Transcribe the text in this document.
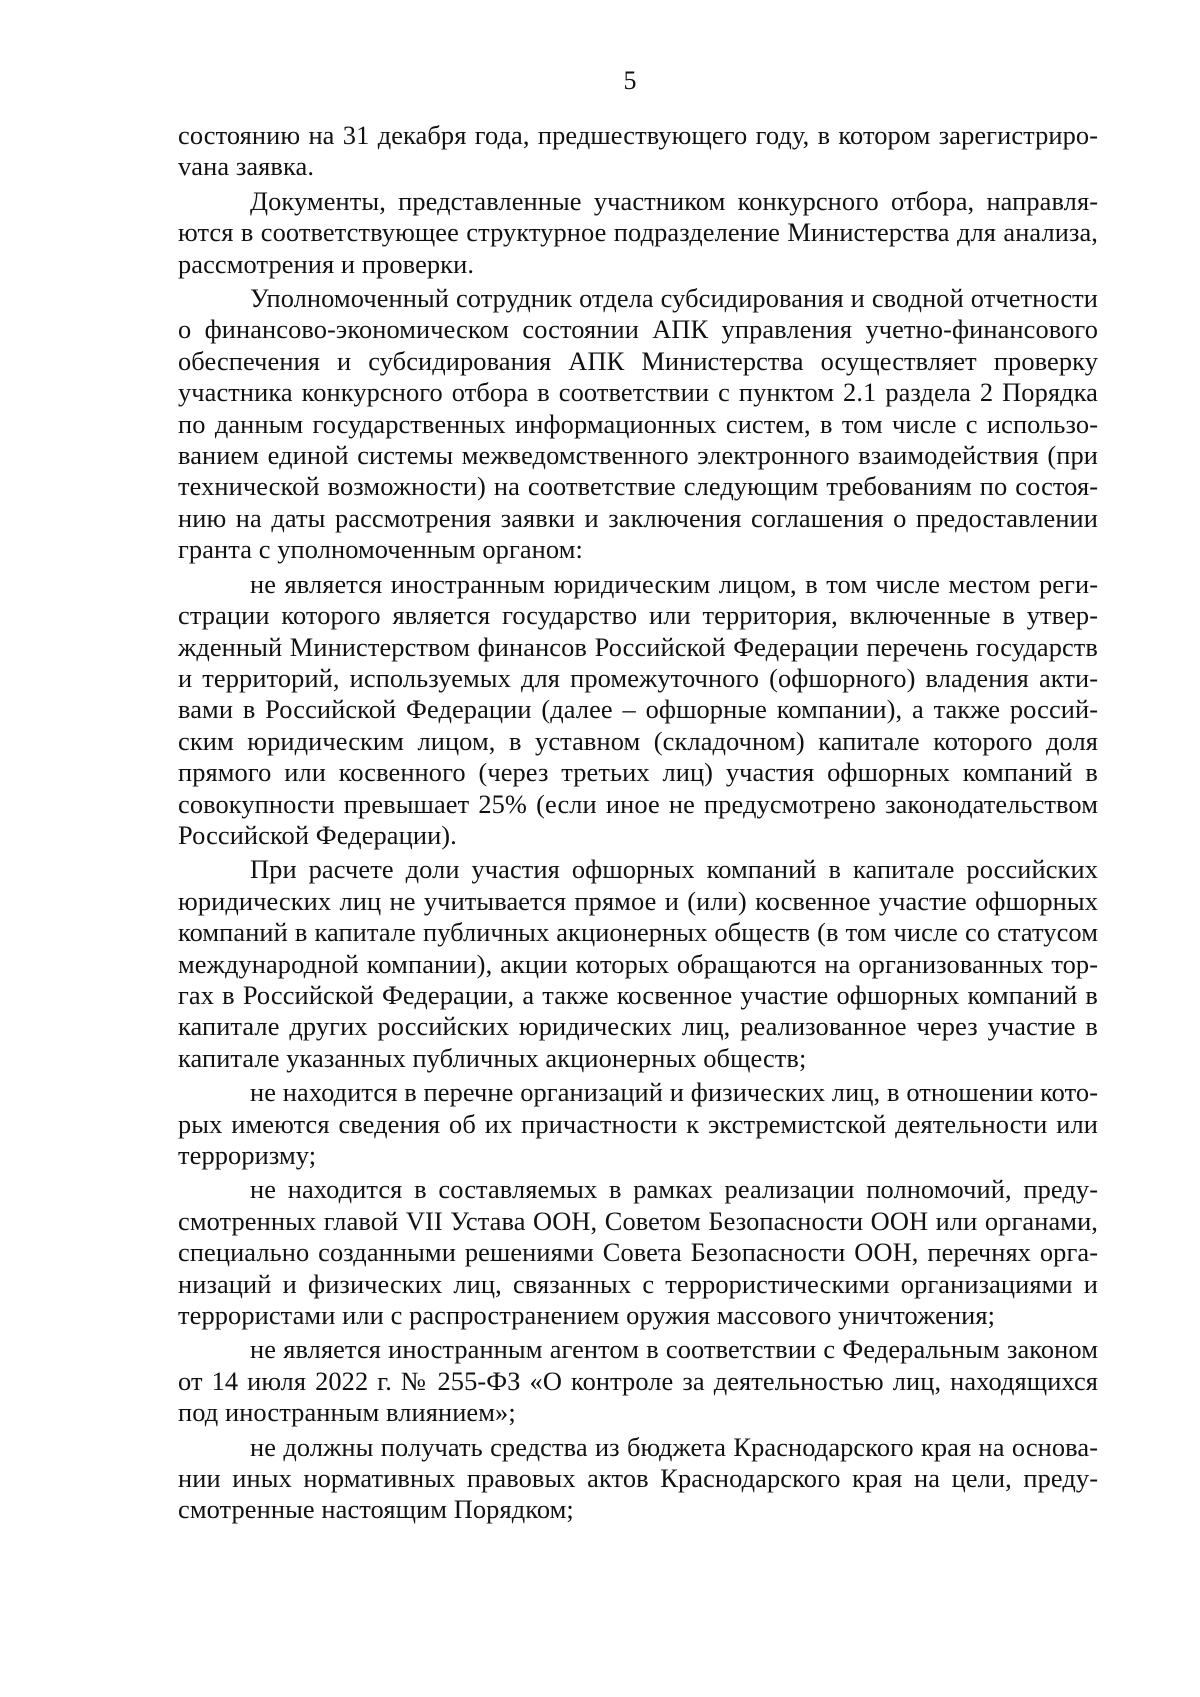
5

состоянию на 31 декабря года, предшествующего году, в котором зарегистрироvана заявка.

Документы, представленные участником конкурсного отбора, направляются в соответствующее структурное подразделение Министерства для анализа, рассмотрения и проверки.

Уполномоченный сотрудник отдела субсидирования и сводной отчетности о финансово-экономическом состоянии АПК управления учетно-финансового обеспечения и субсидирования АПК Министерства осуществляет проверку участника конкурсного отбора в соответствии с пунктом 2.1 раздела 2 Порядка по данным государственных информационных систем, в том числе с использованием единой системы межведомственного электронного взаимодействия (при технической возможности) на соответствие следующим требованиям по состоянию на даты рассмотрения заявки и заключения соглашения о предоставлении гранта с уполномоченным органом:

не является иностранным юридическим лицом, в том числе местом регистрации которого является государство или территория, включенные в утвержденный Министерством финансов Российской Федерации перечень государств и территорий, используемых для промежуточного (офшорного) владения активами в Российской Федерации (далее – офшорные компании), а также российским юридическим лицом, в уставном (складочном) капитале которого доля прямого или косвенного (через третьих лиц) участия офшорных компаний в совокупности превышает 25% (если иное не предусмотрено законодательством Российской Федерации).

При расчете доли участия офшорных компаний в капитале российских юридических лиц не учитывается прямое и (или) косвенное участие офшорных компаний в капитале публичных акционерных обществ (в том числе со статусом международной компании), акции которых обращаются на организованных торгах в Российской Федерации, а также косвенное участие офшорных компаний в капитале других российских юридических лиц, реализованное через участие в капитале указанных публичных акционерных обществ;

не находится в перечне организаций и физических лиц, в отношении которых имеются сведения об их причастности к экстремистской деятельности или терроризму;

не находится в составляемых в рамках реализации полномочий, предусмотренных главой VII Устава ООН, Советом Безопасности ООН или органами, специально созданными решениями Совета Безопасности ООН, перечнях организаций и физических лиц, связанных с террористическими организациями и террористами или с распространением оружия массового уничтожения;

не является иностранным агентом в соответствии с Федеральным законом от 14 июля 2022 г. № 255-ФЗ «О контроле за деятельностью лиц, находящихся под иностранным влиянием»;

не должны получать средства из бюджета Краснодарского края на основании иных нормативных правовых актов Краснодарского края на цели, предусмотренные настоящим Порядком;
